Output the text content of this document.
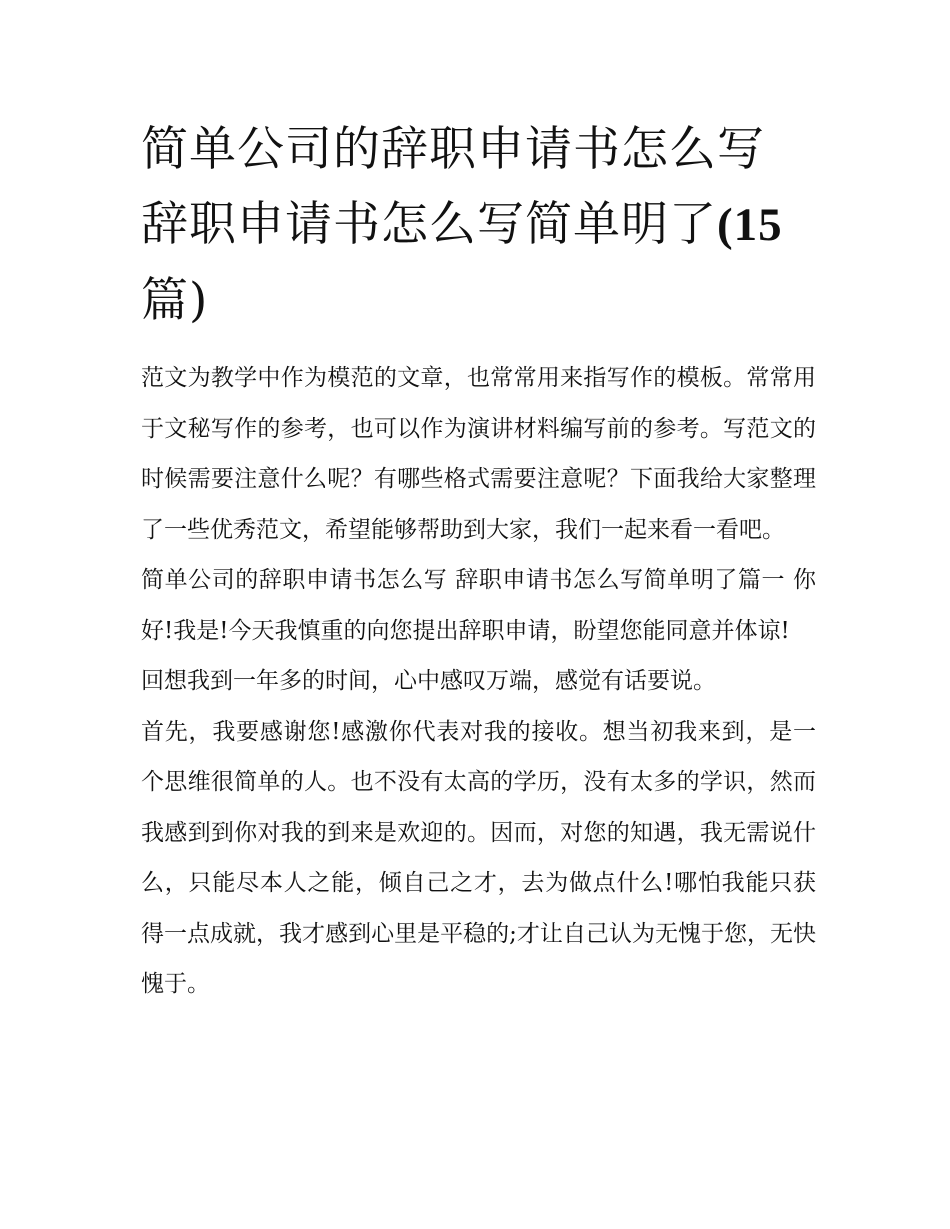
简单公司的辞职申请书怎么写
辞职申请书怎么写简单明了(15
篇)

范文为教学中作为模范的文章，也常常用来指写作的模板。常常用于文秘写作的参考，也可以作为演讲材料编写前的参考。写范文的时候需要注意什么呢？有哪些格式需要注意呢？下面我给大家整理了一些优秀范文，希望能够帮助到大家，我们一起来看一看吧。

简单公司的辞职申请书怎么写 辞职申请书怎么写简单明了篇一 你好!我是!今天我慎重的向您提出辞职申请，盼望您能同意并体谅!

回想我到一年多的时间，心中感叹万端，感觉有话要说。

首先，我要感谢您!感激你代表对我的接收。想当初我来到，是一个思维很简单的人。也不没有太高的学历，没有太多的学识，然而我感到到你对我的到来是欢迎的。因而，对您的知遇，我无需说什么，只能尽本人之能，倾自己之才，去为做点什么!哪怕我能只获得一点成就，我才感到心里是平稳的;才让自己认为无愧于您，无快愧于。
